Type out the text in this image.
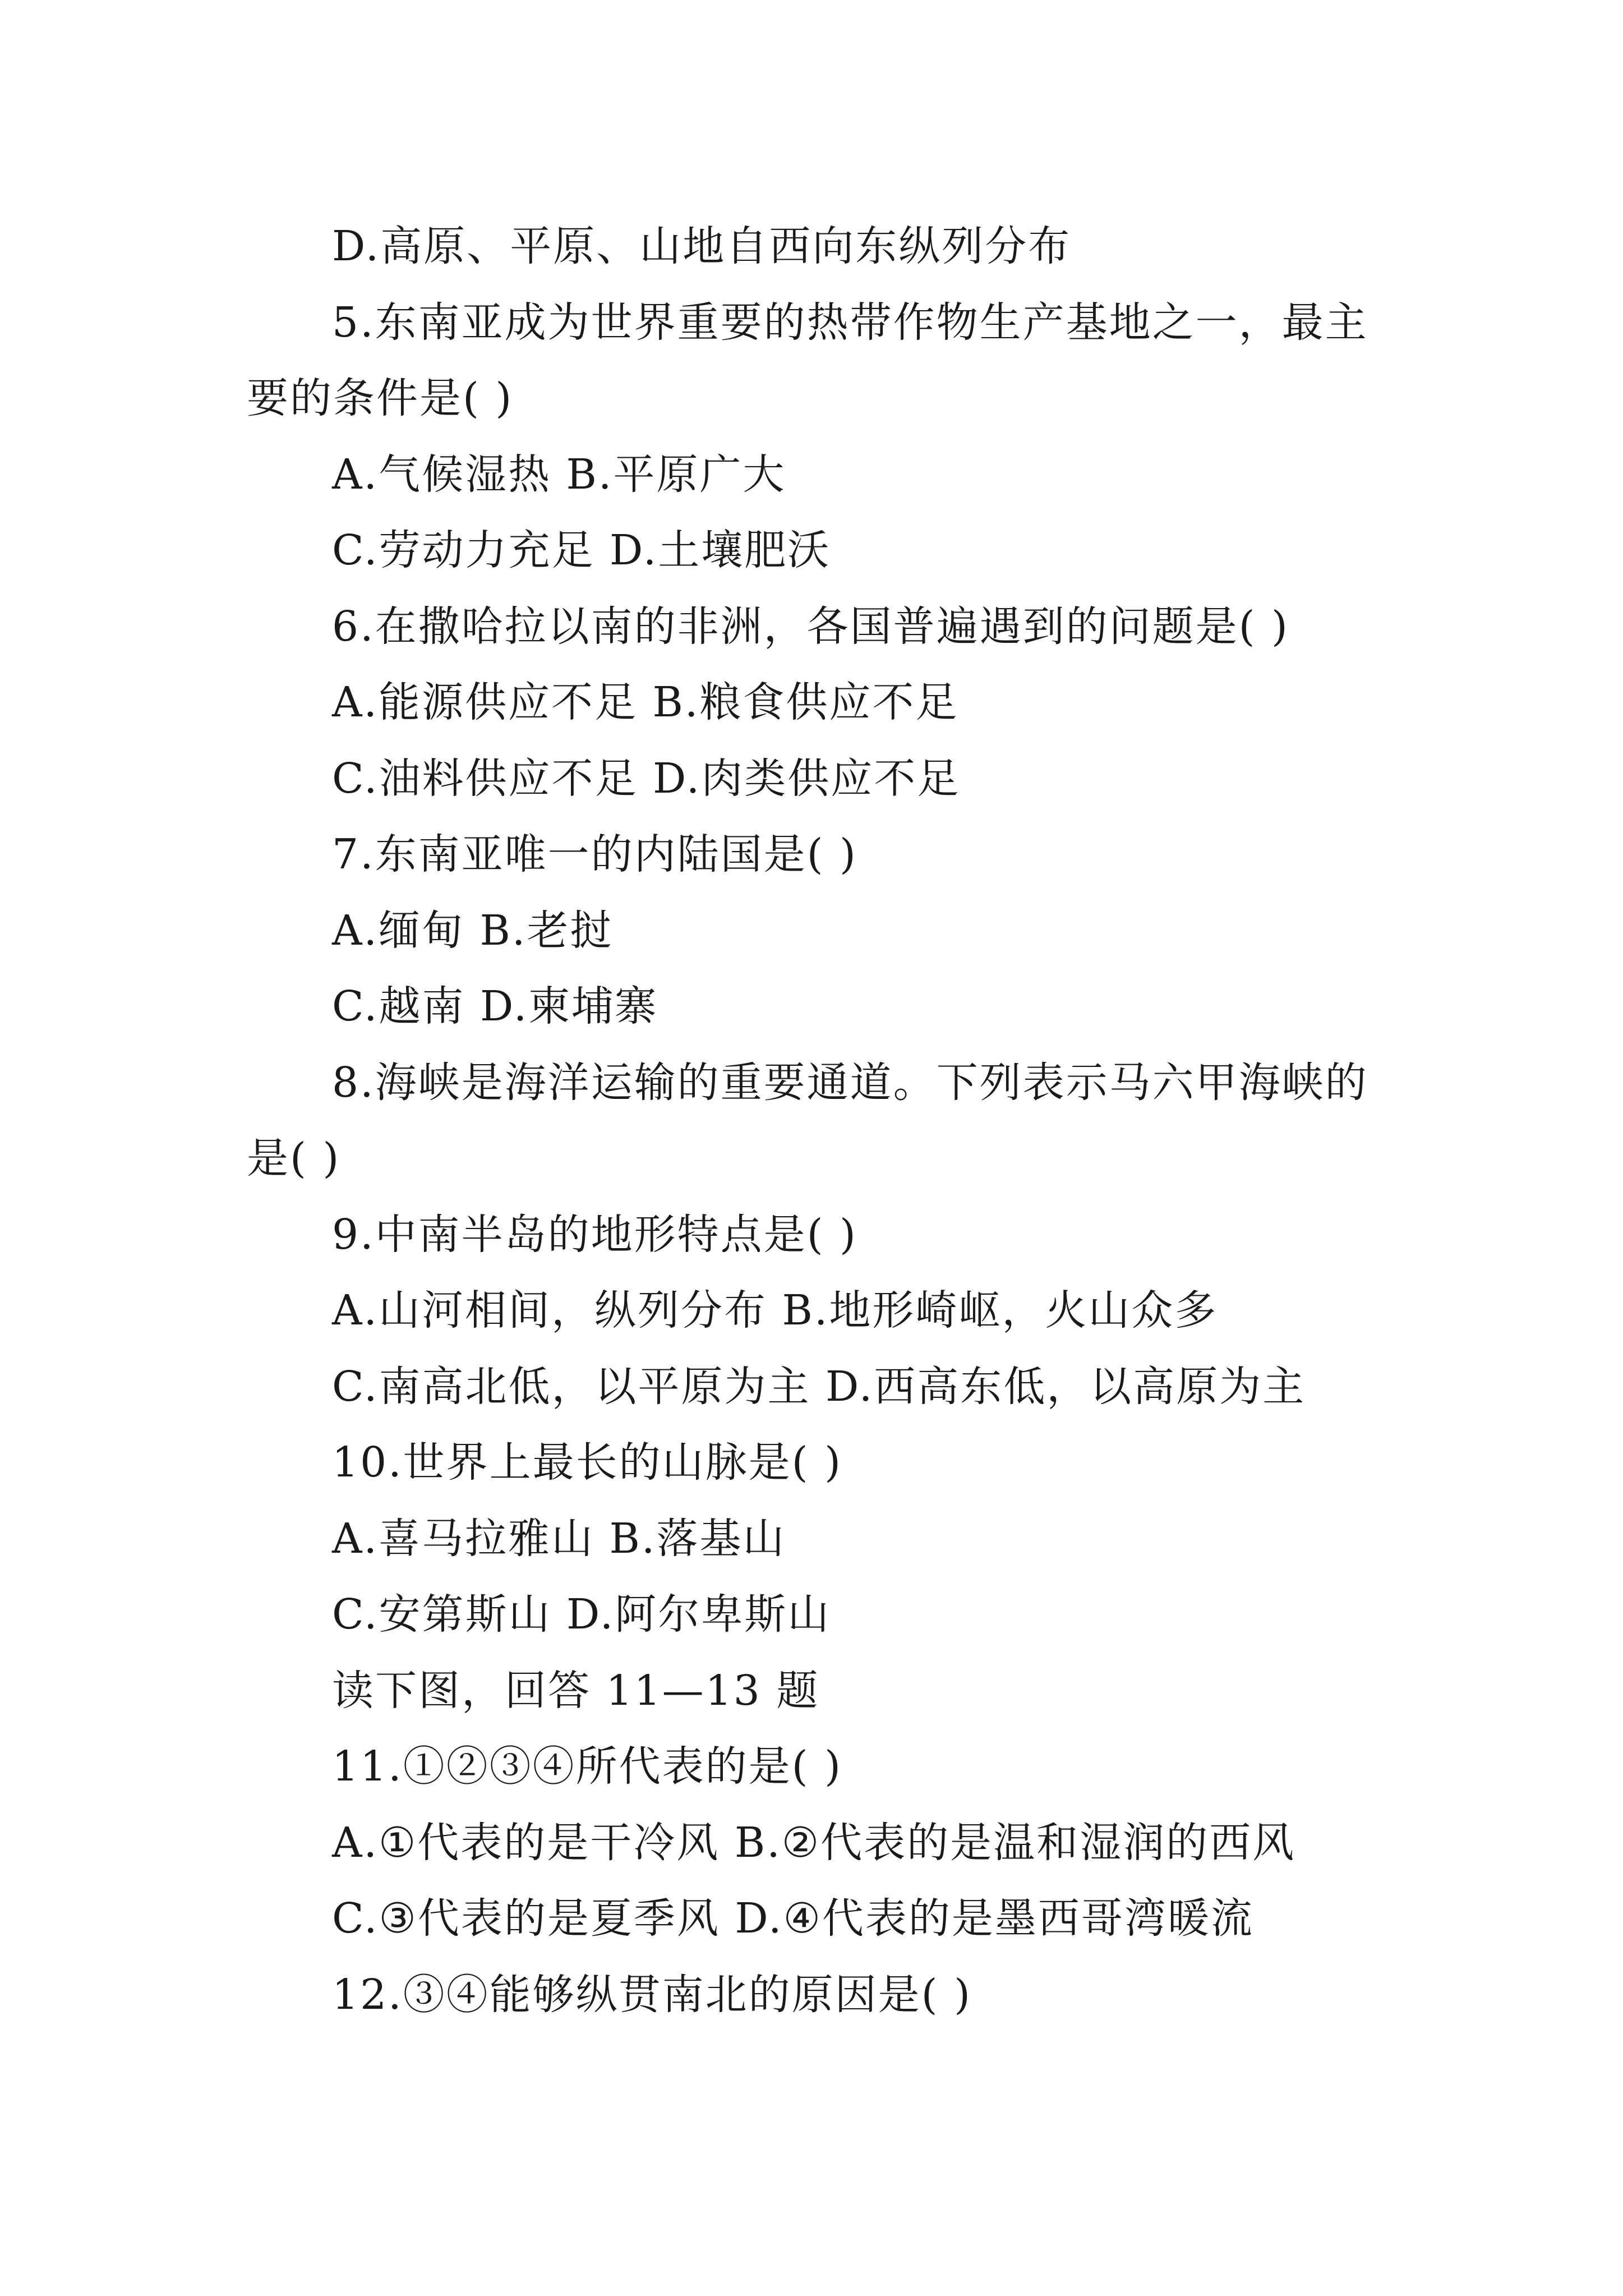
D.高原、平原、山地自西向东纵列分布
5.东南亚成为世界重要的热带作物生产基地之一，最主
要的条件是( )
A.气候湿热 B.平原广大
C.劳动力充足 D.土壤肥沃
6.在撒哈拉以南的非洲，各国普遍遇到的问题是( )
A.能源供应不足 B.粮食供应不足
C.油料供应不足 D.肉类供应不足
7.东南亚唯一的内陆国是( )
A.缅甸 B.老挝
C.越南 D.柬埔寨
8.海峡是海洋运输的重要通道。下列表示马六甲海峡的
是( )
9.中南半岛的地形特点是( )
A.山河相间，纵列分布 B.地形崎岖，火山众多
C.南高北低，以平原为主 D.西高东低，以高原为主
10.世界上最长的山脉是( )
A.喜马拉雅山 B.落基山
C.安第斯山 D.阿尔卑斯山
读下图，回答 11—13 题
11.①②③④所代表的是( )
A.①代表的是干冷风 B.②代表的是温和湿润的西风
C.③代表的是夏季风 D.④代表的是墨西哥湾暖流
12.③④能够纵贯南北的原因是( )
